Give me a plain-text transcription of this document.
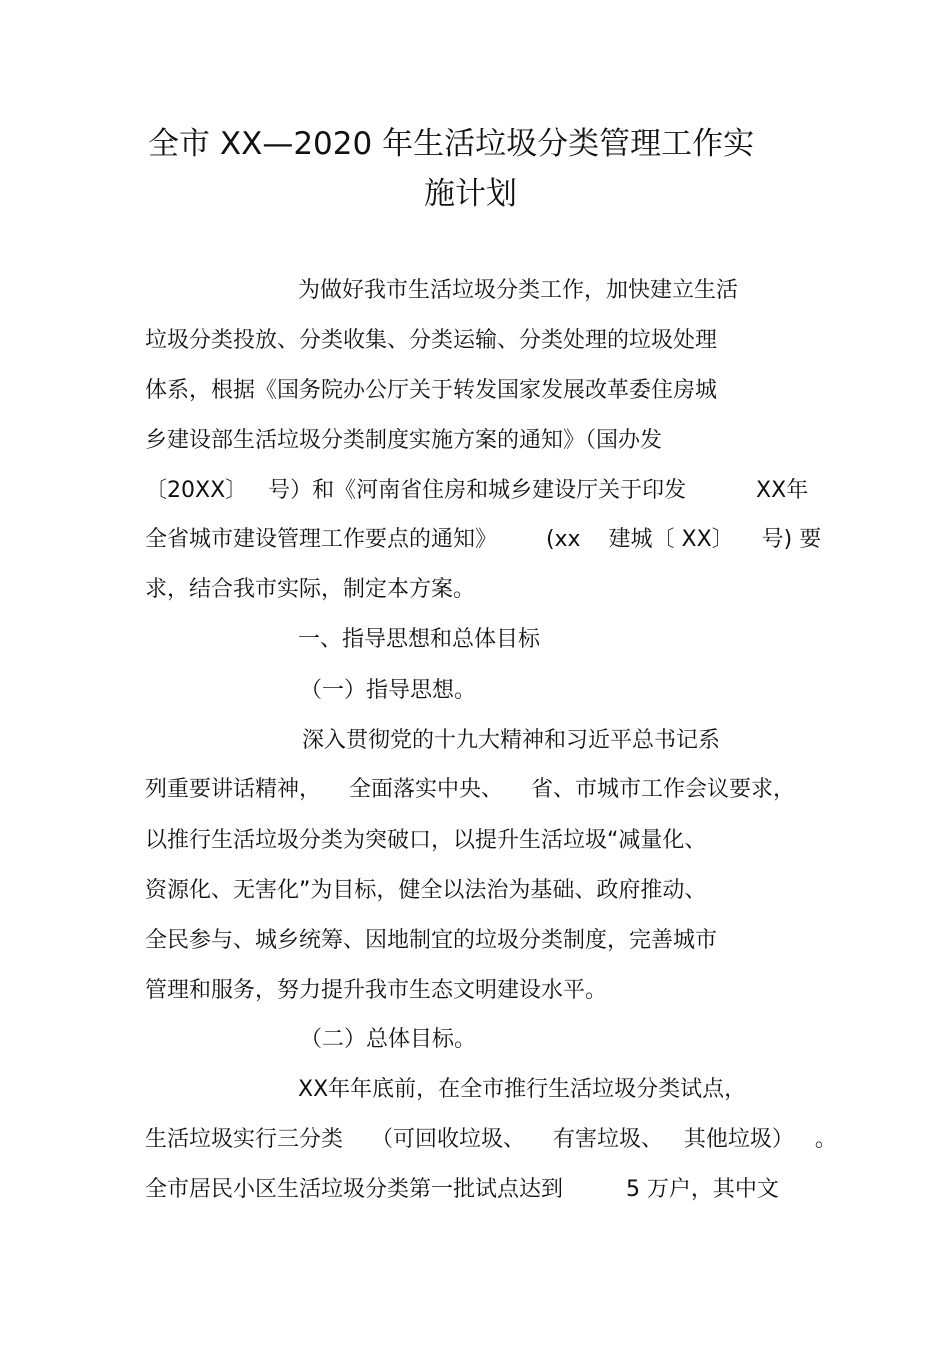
全市 XX—2020 年生活垃圾分类管理工作实
施计划
为做好我市生活垃圾分类工作，加快建立生活
垃圾分类投放、分类收集、分类运输、分类处理的垃圾处理
体系，根据《国务院办公厅关于转发国家发展改革委住房城
乡建设部生活垃圾分类制度实施方案的通知》（国办发
〔20XX〕   号）和《河南省住房和城乡建设厅关于印发          XX年
全省城市建设管理工作要点的通知》       (xx    建城〔 XX〕    号) 要
求，结合我市实际，制定本方案。
一、指导思想和总体目标
（一）指导思想。
深入贯彻党的十九大精神和习近平总书记系
列重要讲话精神，    全面落实中央、    省、市城市工作会议要求，
以推行生活垃圾分类为突破口，以提升生活垃圾“减量化、
资源化、无害化”为目标，健全以法治为基础、政府推动、
全民参与、城乡统筹、因地制宜的垃圾分类制度，完善城市
管理和服务，努力提升我市生态文明建设水平。
（二）总体目标。
XX年年底前，在全市推行生活垃圾分类试点，
生活垃圾实行三分类    （可回收垃圾、    有害垃圾、   其他垃圾）   。
全市居民小区生活垃圾分类第一批试点达到         5 万户，其中文
